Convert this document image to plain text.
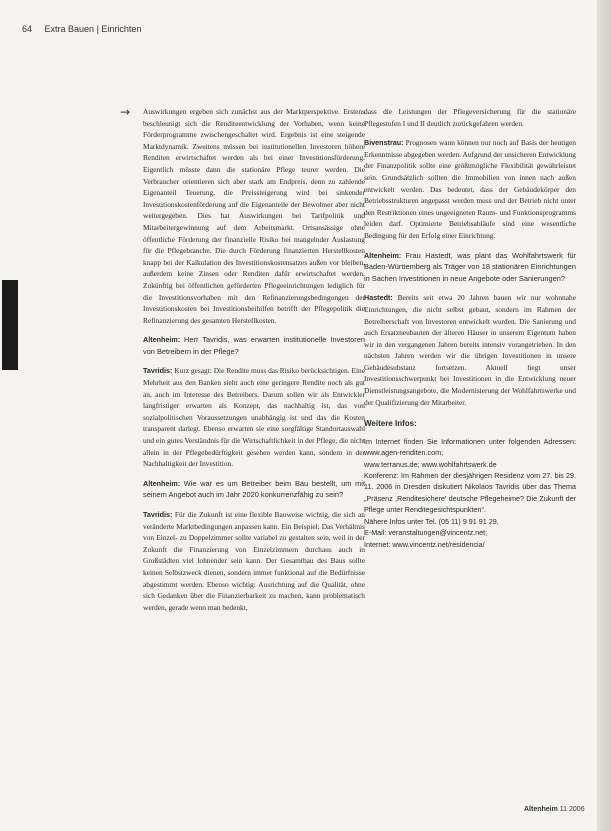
64 Extra Bauen | Einrichten
→ Auswirkungen ergeben sich zunächst aus der Marktperspektive. Erstens beschleunigt sich die Renditeentwicklung der Vorhaben, wenn keine Förderprogramme zwischengeschaltet wird. Ergebnis ist eine steigende Marktdynamik. Zweitens müssen bei institutionellen Investoren höhere Renditen erwirtschaftet werden als bei einer Investitionsförderung. Eigentlich müsste dann die stationäre Pflege teurer werden. Die Verbraucher orientieren sich aber stark am Endpreis, denn zu zahlende Eigenanteil Teuerung, die Preissteigerung wird bei sinkender Investitionskostenförderung auf die Eigenanteile der Bewohner aber nicht weitergegeben. Dies hat Auswirkungen bei Tarifpolitik und Mitarbeitergewinnung auf dem Arbeitsmarkt. Ortsansässige ohne öffentliche Förderung der finanzielle Risiko bei mangelnder Auslastung für die Pflegebranche. Die durch Förderung finanzierten Herstellkosten knapp bei der Kalkulation des Investitionskostensatzes außen vor bleiben, außerdem keine Zinsen oder Renditen dafür erwirtschaftet werden. Zukünftig bei öffentlichen geförderten Pflegeeinrichtungen lediglich für die Investitionsvorhaben mit den Refinanzierungsbedingungen der Investitionskosten bei Investitionsbeihilfen betrifft der Pflegepolitik die Refinanzierung des gesamten Herstellkosten.

Altenheim: Herr Tavridis, was erwarten institutionelle Investoren von Betreibern in der Pflege?

Tavridis: Kurz gesagt: Die Rendite muss das Risiko berücksichtigen. Eine Mehrheit aus den Banken sieht auch eine geringere Rendite noch als gut an, auch im Interesse des Betreibers. Darum sollen wir als Entwickler langfristiger erwarten als Konzept, das nachhaltig ist, das von sozialpolitischen Voraussetzungen unabhängig ist und das die Kosten transparent darlegt. Ebenso erwarten sie eine sorgfältige Standortauswahl und ein gutes Verständnis für die Wirtschaftlichkeit in der Pflege, die nicht allein in der Pflegebedürftigkeit gesehen werden kann, sondern in der Nachhaltigkeit der Investition.

Altenheim: Wie war es um Betreiber beim Bau bestellt, um mit seinem Angebot auch im Jahr 2020 konkurrenzfähig zu sein?

Tavridis: Für die Zukunft ist eine flexible Bauweise wichtig, die sich an veränderte Marktbedingungen anpassen kann. Ein Beispiel: Das Verhältnis von Einzel- zu Doppelzimmer sollte variabel zu gestalten sein, weil in der Zukunft die Finanzierung von Einzelzimmern durchaus auch in Großstädten viel lohnender sein kann. Der Gesamtbau des Baus sollte keinen Selbstzweck dienen, sondern immer funktional auf die Bedürfnisse abgestimmt werden. Ebenso wichtig: Ausrichtung auf die Qualität, ohne sich Gedanken über die Finanzierbarkeit zu machen, kann problematisch werden, gerade wenn man bedenkt,

dass die Leistungen der Pflegeversicherung für die stationäre Pflegestufen I und II deutlich zurückgefahren werden.

Bivenstrau: Prognosen wann können nur noch auf Basis der heutigen Erkenntnisse abgegeben werden. Aufgrund der unsicheren Entwicklung der Finanzpolitik sollte eine größtmögliche Flexibilität gewährleistet sein. Grundsätzlich sollten die Immobilien von innen nach außen entwickelt werden. Das bedeutet, dass der Gebäudekörper den Betriebsstrukturen angepasst werden muss und der Betrieb nicht unter den Restriktionen eines ungeeigneten Raum- und Funktionsprogramms leiden darf. Optimierte Betriebsabläufe sind eine wesentliche Bedingung für den Erfolg einer Einrichtung.

Altenheim: Frau Hastedt, was plant das Wohlfahrtswerk für Baden-Württemberg als Träger von 18 stationären Einrichtungen in Sachen Investitionen in neue Angebote oder Sanierungen?

Hastedt: Bereits seit etwa 20 Jahren bauen wir nur wohnnahe Einrichtungen, die nicht selbst gebaut, sondern im Rahmen der Betreiberschaft von Investoren entwickelt wurden. Die Sanierung und auch Ersatzneubauten der älteren Häuser in unserem Eigentum haben wir in den vergangenen Jahren bereits intensiv vorangetrieben. In den nächsten Jahren werden wir die übrigen Investitionen in unsere Gebäudesubstanz fortsetzen. Aktuell liegt unser Investitionsschwerpunkt bei Investitionen in die Entwicklung neuer Dienstleistungsangebote, die Modernisierung der Wohlfahrtswerke und der Qualifizierung der Mitarbeiter.

Weitere Infos:
Im Internet finden Sie Informationen unter folgenden Adressen: www.agen-renditen.com;
www.terranus.de; www.wohlfahrtswerk.de
Konferenz: Im Rahmen der diesjährigen Residenz vom 27. bis 29. 11. 2006 in Dresden diskutiert Nikolaos Tavridis über das Thema „Präsenz ,Renditesichere' deutsche Pflegeheime? Die Zukunft der Pflege unter Renditegesichtspunkten“.
Nähere Infos unter Tel. (05 11) 9 91 91 29,
E-Mail: veranstaltungen@vincentz.net;
Internet: www.vincentz.net/residencia/
Altenheim 11 2006
